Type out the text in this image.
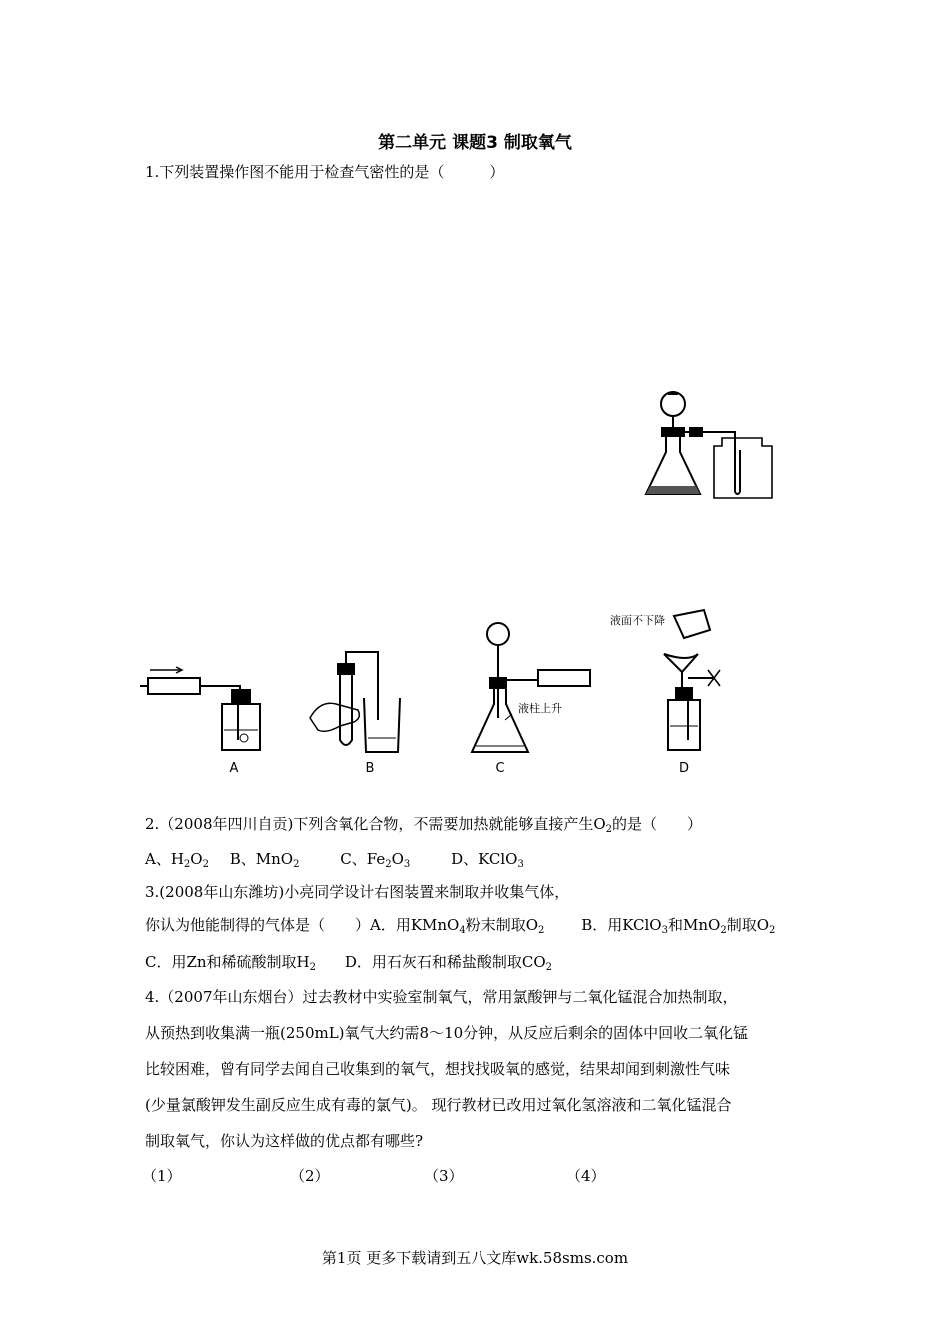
第二单元 课题3 制取氧气
1.下列装置操作图不能用于检查气密性的是（　　　）
A	B	C	D
液柱上升
液面不下降
2.（2008年四川自贡)下列含氧化合物，不需要加热就能够直接产生$O_2$的是（　　）
A、$H_2O_2$ B、MnO$_2$	C、$Fe_2O_3$	D、KClO$_3$
3.(2008年山东潍坊)小亮同学设计右图装置来制取并收集气体，
你认为他能制得的气体是（　　）A．用KMnO$_4$粉末制取$O_2$ B．用KClO$_3$和MnO$_2$制取$O_2$
C．用Zn和稀硫酸制取$H_2$ D．用石灰石和稀盐酸制取$CO_2$
4.（2007年山东烟台）过去教材中实验室制氧气，常用氯酸钾与二氧化锰混合加热制取，
从预热到收集满一瓶(250mL)氧气大约需8～10分钟，从反应后剩余的固体中回收二氧化锰
比较困难，曾有同学去闻自己收集到的氧气，想找找吸氧的感觉，结果却闻到刺激性气味
(少量氯酸钾发生副反应生成有毒的氯气)。 现行教材已改用过氧化氢溶液和二氧化锰混合
制取氧气，你认为这样做的优点都有哪些?
（1）	（2）	（3）	（4）
第1页 更多下载请到五八文库wk.58sms.com
